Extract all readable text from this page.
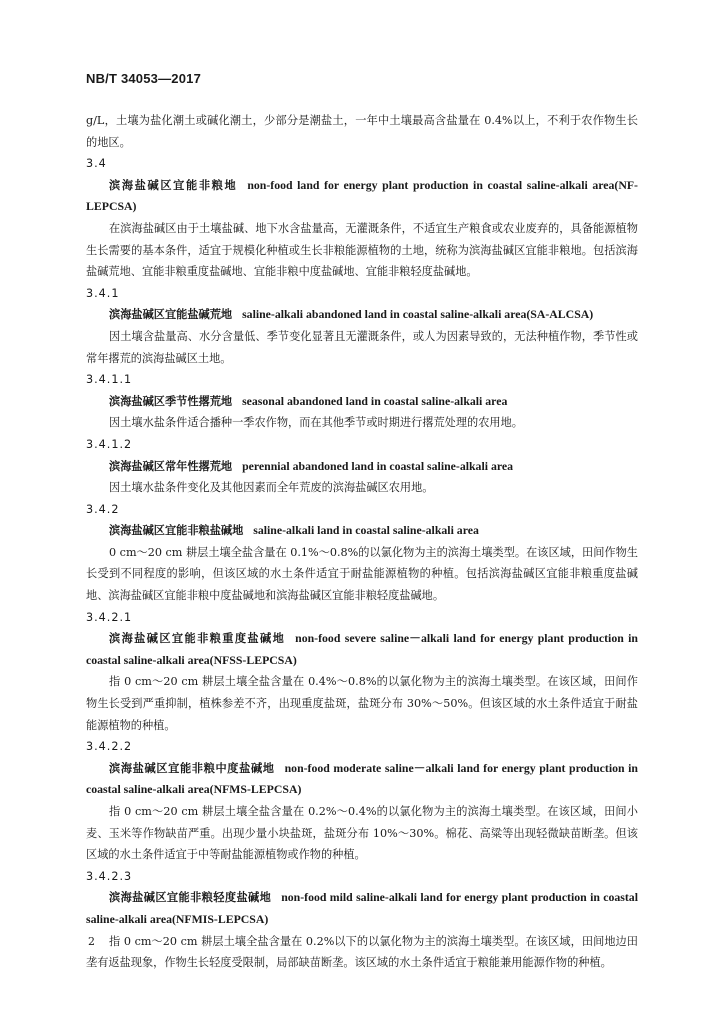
NB/T 34053—2017

g/L，土壤为盐化潮土或碱化潮土，少部分是潮盐土，一年中土壤最高含盐量在 0.4%以上，不利于农作物生长的地区。

3.4

滨海盐碱区宜能非粮地 non-food land for energy plant production in coastal saline-alkali area(NF-LEPCSA)

在滨海盐碱区由于土壤盐碱、地下水含盐量高，无灌溉条件，不适宜生产粮食或农业废弃的，具备能源植物生长需要的基本条件，适宜于规模化种植或生长非粮能源植物的土地，统称为滨海盐碱区宜能非粮地。包括滨海盐碱荒地、宜能非粮重度盐碱地、宜能非粮中度盐碱地、宜能非粮轻度盐碱地。

3.4.1

滨海盐碱区宜能盐碱荒地 saline-alkali abandoned land in coastal saline-alkali area(SA-ALCSA)

因土壤含盐量高、水分含量低、季节变化显著且无灌溉条件，或人为因素导致的，无法种植作物，季节性或常年撂荒的滨海盐碱区土地。

3.4.1.1

滨海盐碱区季节性撂荒地 seasonal abandoned land in coastal saline-alkali area

因土壤水盐条件适合播种一季农作物，而在其他季节或时期进行撂荒处理的农用地。

3.4.1.2

滨海盐碱区常年性撂荒地 perennial abandoned land in coastal saline-alkali area

因土壤水盐条件变化及其他因素而全年荒废的滨海盐碱区农用地。

3.4.2

滨海盐碱区宜能非粮盐碱地 saline-alkali land in coastal saline-alkali area

0 cm～20 cm 耕层土壤全盐含量在 0.1%～0.8%的以氯化物为主的滨海土壤类型。在该区域，田间作物生长受到不同程度的影响，但该区域的水土条件适宜于耐盐能源植物的种植。包括滨海盐碱区宜能非粮重度盐碱地、滨海盐碱区宜能非粮中度盐碱地和滨海盐碱区宜能非粮轻度盐碱地。

3.4.2.1

滨海盐碱区宜能非粮重度盐碱地 non-food severe saline－alkali land for energy plant production in coastal saline-alkali area(NFSS-LEPCSA)

指 0 cm～20 cm 耕层土壤全盐含量在 0.4%～0.8%的以氯化物为主的滨海土壤类型。在该区域，田间作物生长受到严重抑制，植株参差不齐，出现重度盐斑，盐斑分布 30%～50%。但该区域的水土条件适宜于耐盐能源植物的种植。

3.4.2.2

滨海盐碱区宜能非粮中度盐碱地 non-food moderate saline－alkali land for energy plant production in coastal saline-alkali area(NFMS-LEPCSA)

指 0 cm～20 cm 耕层土壤全盐含量在 0.2%～0.4%的以氯化物为主的滨海土壤类型。在该区域，田间小麦、玉米等作物缺苗严重。出现少量小块盐斑，盐斑分布 10%～30%。棉花、高粱等出现轻微缺苗断垄。但该区域的水土条件适宜于中等耐盐能源植物或作物的种植。

3.4.2.3

滨海盐碱区宜能非粮轻度盐碱地 non-food mild saline-alkali land for energy plant production in coastal saline-alkali area(NFMIS-LEPCSA)

指 0 cm～20 cm 耕层土壤全盐含量在 0.2%以下的以氯化物为主的滨海土壤类型。在该区域，田间地边田垄有返盐现象，作物生长轻度受限制，局部缺苗断垄。该区域的水土条件适宜于粮能兼用能源作物的种植。

2
